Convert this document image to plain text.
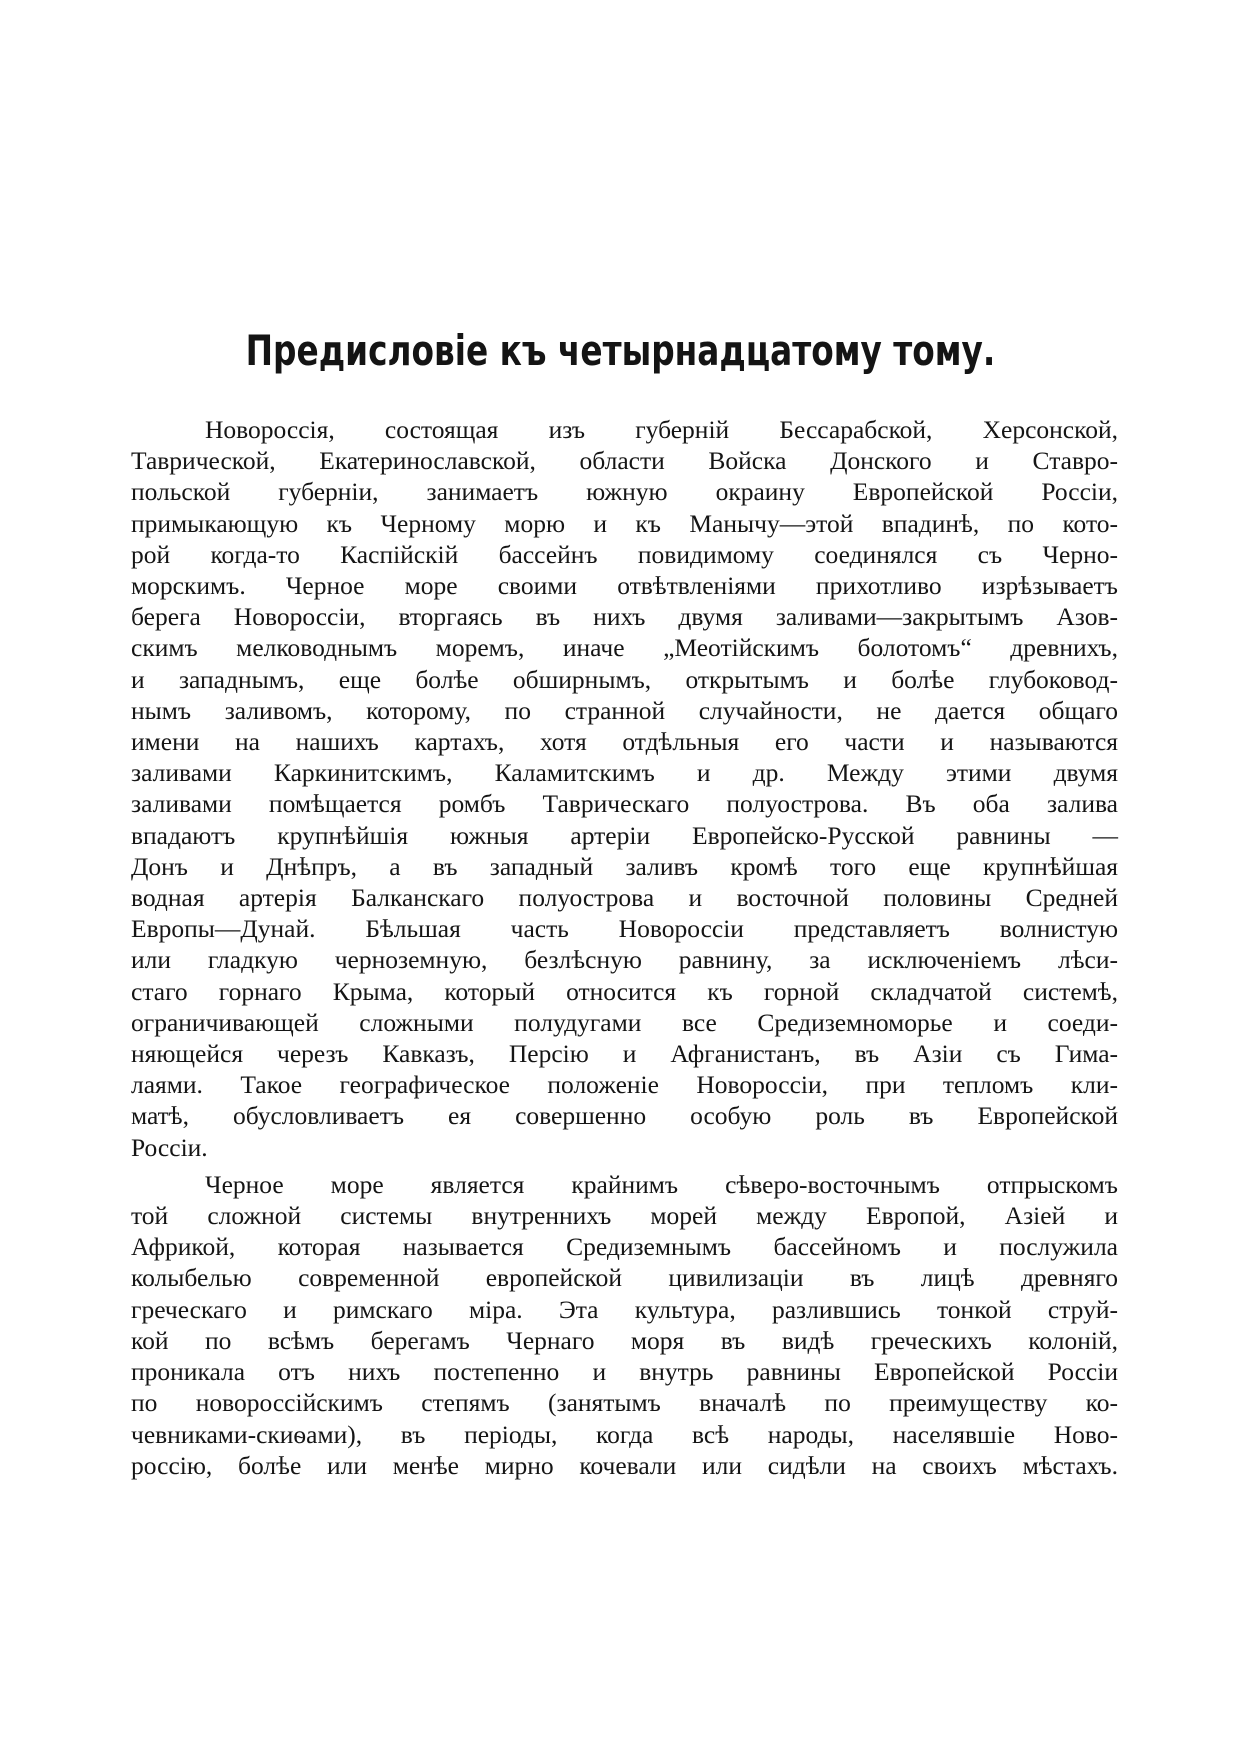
Предисловіе къ четырнадцатому тому.

Новороссія, состоящая изъ губерній Бессарабской, Херсонской,
Таврической, Екатеринославской, области Войска Донского и Ставро-
польской губерніи, занимаетъ южную окраину Европейской Россіи,
примыкающую къ Черному морю и къ Манычу—этой впадинѣ, по кото-
рой когда-то Каспійскій бассейнъ повидимому соединялся съ Черно-
морскимъ. Черное море своими отвѣтвленіями прихотливо изрѣзываетъ
берега Новороссіи, вторгаясь въ нихъ двумя заливами—закрытымъ Азов-
скимъ мелководнымъ моремъ, иначе „Меотійскимъ болотомъ“ древнихъ,
и западнымъ, еще болѣе обширнымъ, открытымъ и болѣе глубоковод-
нымъ заливомъ, которому, по странной случайности, не дается общаго
имени на нашихъ картахъ, хотя отдѣльныя его части и называются
заливами Каркинитскимъ, Каламитскимъ и др. Между этими двумя
заливами помѣщается ромбъ Таврическаго полуострова. Въ оба залива
впадаютъ крупнѣйшія южныя артеріи Европейско-Русской равнины —
Донъ и Днѣпръ, а въ западный заливъ кромѣ того еще крупнѣйшая
водная артерія Балканскаго полуострова и восточной половины Средней
Европы—Дунай. Бѣльшая часть Новороссіи представляетъ волнистую
или гладкую черноземную, безлѣсную равнину, за исключеніемъ лѣси-
стаго горнаго Крыма, который относится къ горной складчатой системѣ,
ограничивающей сложными полудугами все Средиземноморье и соеди-
няющейся черезъ Кавказъ, Персію и Афганистанъ, въ Азіи съ Гима-
лаями. Такое географическое положеніе Новороссіи, при тепломъ кли-
матѣ, обусловливаетъ ея совершенно особую роль въ Европейской
Россіи.

Черное море является крайнимъ сѣверо-восточнымъ отпрыскомъ
той сложной системы внутреннихъ морей между Европой, Азіей и
Африкой, которая называется Средиземнымъ бассейномъ и послужила
колыбелью современной европейской цивилизаціи въ лицѣ древняго
греческаго и римскаго міра. Эта культура, разлившись тонкой струй-
кой по всѣмъ берегамъ Чернаго моря въ видѣ греческихъ колоній,
проникала отъ нихъ постепенно и внутрь равнины Европейской Россіи
по новороссійскимъ степямъ (занятымъ вначалѣ по преимуществу ко-
чевниками-скиѳами), въ періоды, когда всѣ народы, населявшіе Ново-
россію, болѣе или менѣе мирно кочевали или сидѣли на своихъ мѣстахъ.
